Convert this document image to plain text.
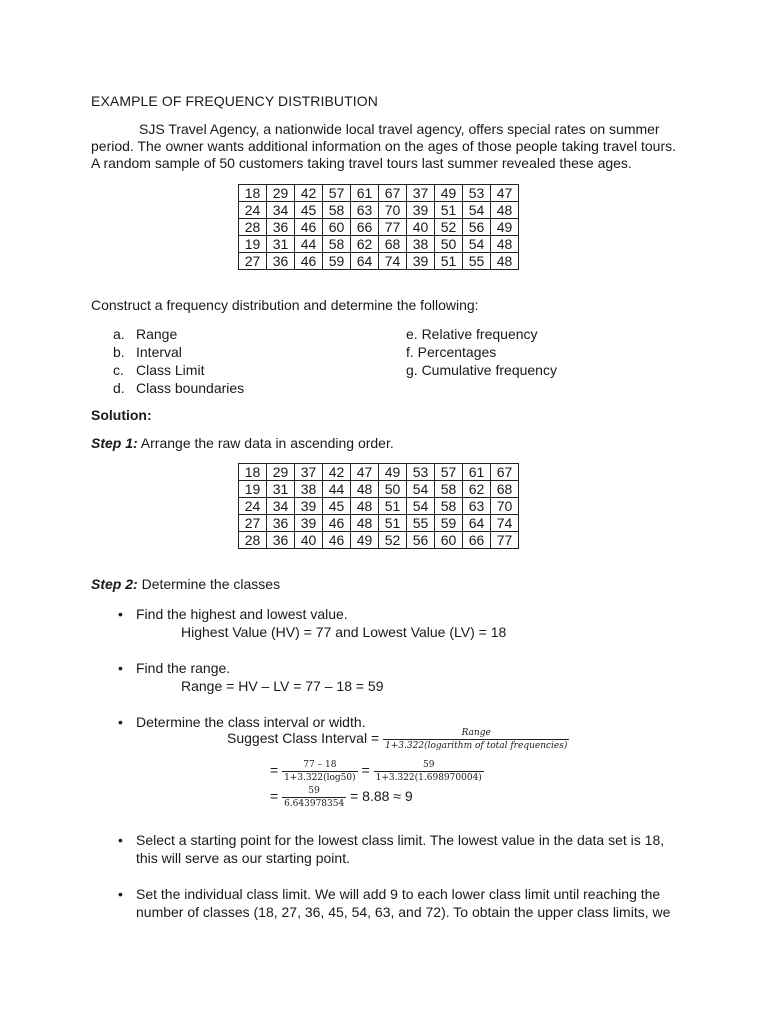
EXAMPLE OF FREQUENCY DISTRIBUTION
SJS Travel Agency, a nationwide local travel agency, offers special rates on summer period. The owner wants additional information on the ages of those people taking travel tours. A random sample of 50 customers taking travel tours last summer revealed these ages.
18	29	42	57	61	67	37	49	53	47
24	34	45	58	63	70	39	51	54	48
28	36	46	60	66	77	40	52	56	49
19	31	44	58	62	68	38	50	54	48
27	36	46	59	64	74	39	51	55	48
Construct a frequency distribution and determine the following:
a. Range
b. Interval
c. Class Limit
d. Class boundaries
e. Relative frequency
f. Percentages
g. Cumulative frequency
Solution:
Step 1: Arrange the raw data in ascending order.
18	29	37	42	47	49	53	57	61	67
19	31	38	44	48	50	54	58	62	68
24	34	39	45	48	51	54	58	63	70
27	36	39	46	48	51	55	59	64	74
28	36	40	46	49	52	56	60	66	77
Step 2: Determine the classes
• Find the highest and lowest value.
Highest Value (HV) = 77 and Lowest Value (LV) = 18
• Find the range.
Range = HV – LV = 77 – 18 = 59
• Determine the class interval or width.
Suggest Class Interval = $\frac{\text{Range}}{\text{1+3.322(logarithm of total frequencies)}}$
= $\frac{77 - 18}{1+3.322(\log 50)} = \frac{59}{1+3.322(1.698970004)}$
= $\frac{59}{6.643978354} = 8.88 \approx 9$
• Select a starting point for the lowest class limit. The lowest value in the data set is 18, this will serve as our starting point.
• Set the individual class limit. We will add 9 to each lower class limit until reaching the number of classes (18, 27, 36, 45, 54, 63, and 72). To obtain the upper class limits, we
